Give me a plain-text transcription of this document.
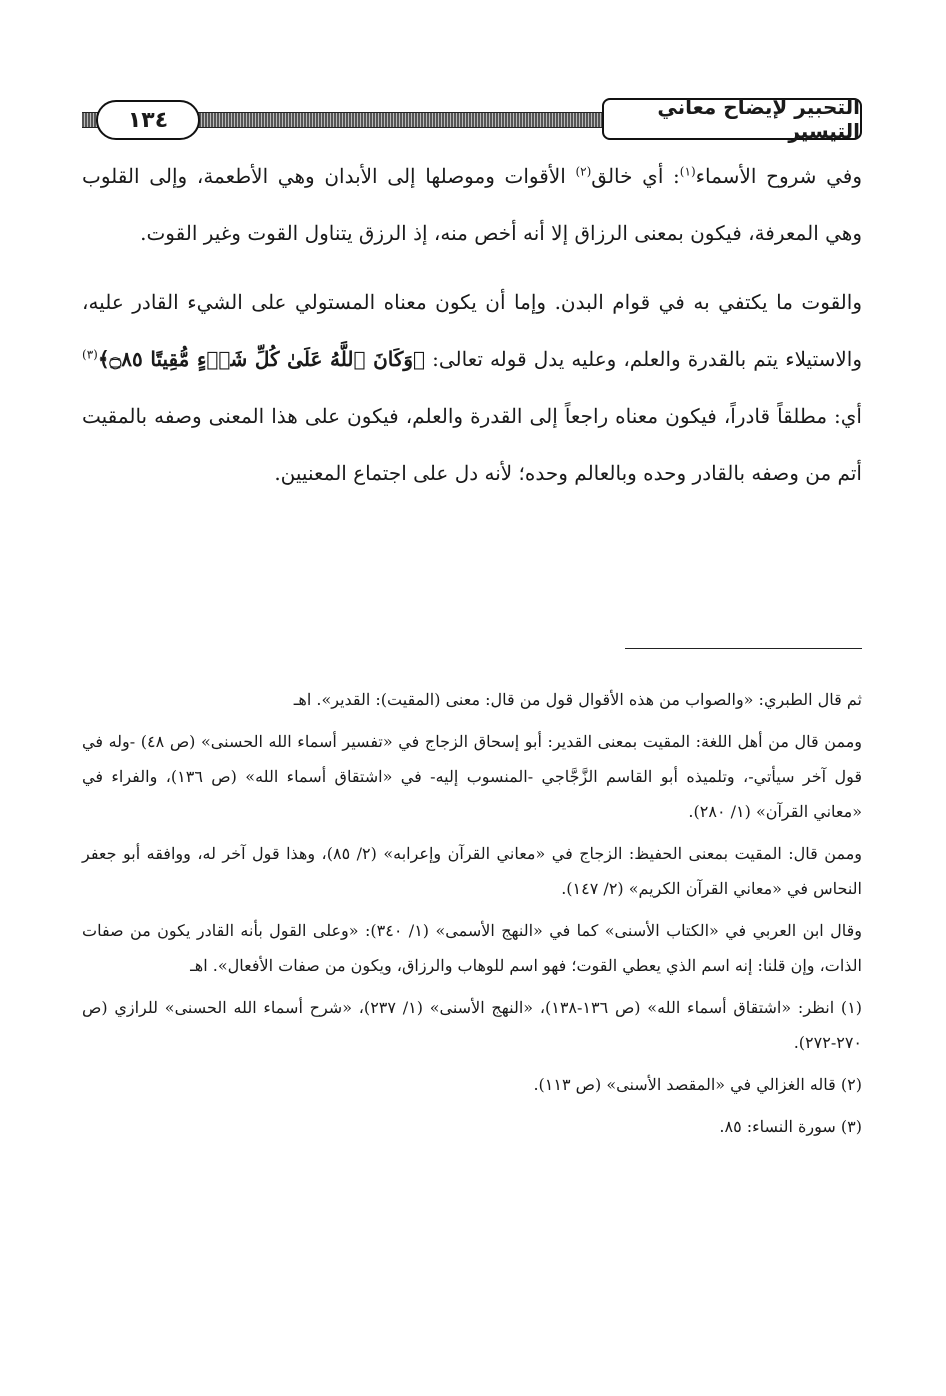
التحبير لإيضاح معاني التيسير
١٣٤

وفي شروح الأسماء$^{(١)}$: أي خالق$^{(٢)}$ الأقوات وموصلها إلى الأبدان وهي الأطعمة، وإلى القلوب وهي المعرفة، فيكون بمعنى الرزاق إلا أنه أخص منه، إذ الرزق يتناول القوت وغير القوت.

والقوت ما يكتفي به في قوام البدن. وإما أن يكون معناه المستولي على الشيء القادر عليه، والاستيلاء يتم بالقدرة والعلم، وعليه يدل قوله تعالى: ﴿وَكَانَ ٱللَّهُ عَلَىٰ كُلِّ شَىۡءٍ مُّقِيتًا ۝٨٥﴾$^{(٣)}$ أي: مطلقاً قادراً، فيكون معناه راجعاً إلى القدرة والعلم، فيكون على هذا المعنى وصفه بالمقيت أتم من وصفه بالقادر وحده وبالعالم وحده؛ لأنه دل على اجتماع المعنيين.

ثم قال الطبري: «والصواب من هذه الأقوال قول من قال: معنى (المقيت): القدير». اهـ

وممن قال من أهل اللغة: المقيت بمعنى القدير: أبو إسحاق الزجاج في «تفسير أسماء الله الحسنى» (ص ٤٨) -وله في قول آخر سيأتي-، وتلميذه أبو القاسم الزَّجَّاجي -المنسوب إليه- في «اشتقاق أسماء الله» (ص ١٣٦)، والفراء في «معاني القرآن» (١/ ٢٨٠).

وممن قال: المقيت بمعنى الحفيظ: الزجاج في «معاني القرآن وإعرابه» (٢/ ٨٥)، وهذا قول آخر له، ووافقه أبو جعفر النحاس في «معاني القرآن الكريم» (٢/ ١٤٧).

وقال ابن العربي في «الكتاب الأسنى» كما في «النهج الأسمى» (١/ ٣٤٠): «وعلى القول بأنه القادر يكون من صفات الذات، وإن قلنا: إنه اسم الذي يعطي القوت؛ فهو اسم للوهاب والرزاق، ويكون من صفات الأفعال». اهـ

(١) انظر: «اشتقاق أسماء الله» (ص ١٣٦-١٣٨)، «النهج الأسنى» (١/ ٢٣٧)، «شرح أسماء الله الحسنى» للرازي (ص ٢٧٠-٢٧٢).

(٢) قاله الغزالي في «المقصد الأسنى» (ص ١١٣).

(٣) سورة النساء: ٨٥.
